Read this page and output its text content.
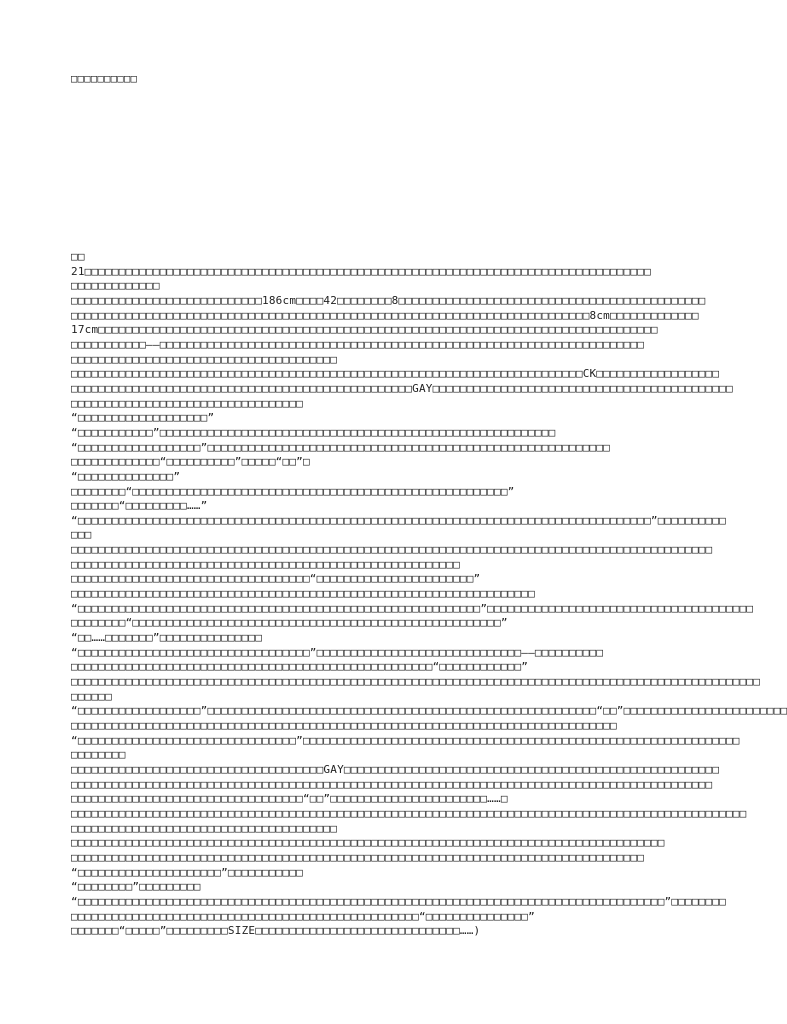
□□□□□□□□□□
□□
21□□□□□□□□□□□□□□□□□□□□□□□□□□□□□□□□□□□□□□□□□□□□□□□□□□□□□□□□□□□□□□□□□□□□□□□□□□□□□□□□□□□
□□□□□□□□□□□□□
□□□□□□□□□□□□□□□□□□□□□□□□□□□□186cm□□□□42□□□□□□□□8□□□□□□□□□□□□□□□□□□□□□□□□□□□□□□□□□□□□□□□□□□□□□
□□□□□□□□□□□□□□□□□□□□□□□□□□□□□□□□□□□□□□□□□□□□□□□□□□□□□□□□□□□□□□□□□□□□□□□□□□□□8cm□□□□□□□□□□□□□
17cm□□□□□□□□□□□□□□□□□□□□□□□□□□□□□□□□□□□□□□□□□□□□□□□□□□□□□□□□□□□□□□□□□□□□□□□□□□□□□□□□□□
□□□□□□□□□□□——□□□□□□□□□□□□□□□□□□□□□□□□□□□□□□□□□□□□□□□□□□□□□□□□□□□□□□□□□□□□□□□□□□□□□□□
□□□□□□□□□□□□□□□□□□□□□□□□□□□□□□□□□□□□□□□
□□□□□□□□□□□□□□□□□□□□□□□□□□□□□□□□□□□□□□□□□□□□□□□□□□□□□□□□□□□□□□□□□□□□□□□□□□□CK□□□□□□□□□□□□□□□□□□
□□□□□□□□□□□□□□□□□□□□□□□□□□□□□□□□□□□□□□□□□□□□□□□□□□GAY□□□□□□□□□□□□□□□□□□□□□□□□□□□□□□□□□□□□□□□□□□□□
□□□□□□□□□□□□□□□□□□□□□□□□□□□□□□□□□□
“□□□□□□□□□□□□□□□□□□□”
“□□□□□□□□□□□”□□□□□□□□□□□□□□□□□□□□□□□□□□□□□□□□□□□□□□□□□□□□□□□□□□□□□□□□□□
“□□□□□□□□□□□□□□□□□□”□□□□□□□□□□□□□□□□□□□□□□□□□□□□□□□□□□□□□□□□□□□□□□□□□□□□□□□□□□□
□□□□□□□□□□□□□“□□□□□□□□□□”□□□□□“□□”□
“□□□□□□□□□□□□□□”
□□□□□□□□“□□□□□□□□□□□□□□□□□□□□□□□□□□□□□□□□□□□□□□□□□□□□□□□□□□□□□□□”
□□□□□□□“□□□□□□□□□……”
“□□□□□□□□□□□□□□□□□□□□□□□□□□□□□□□□□□□□□□□□□□□□□□□□□□□□□□□□□□□□□□□□□□□□□□□□□□□□□□□□□□□□”□□□□□□□□□□
□□□
□□□□□□□□□□□□□□□□□□□□□□□□□□□□□□□□□□□□□□□□□□□□□□□□□□□□□□□□□□□□□□□□□□□□□□□□□□□□□□□□□□□□□□□□□□□□□□
□□□□□□□□□□□□□□□□□□□□□□□□□□□□□□□□□□□□□□□□□□□□□□□□□□□□□□□□□
□□□□□□□□□□□□□□□□□□□□□□□□□□□□□□□□□□□“□□□□□□□□□□□□□□□□□□□□□□□”
□□□□□□□□□□□□□□□□□□□□□□□□□□□□□□□□□□□□□□□□□□□□□□□□□□□□□□□□□□□□□□□□□□□□
“□□□□□□□□□□□□□□□□□□□□□□□□□□□□□□□□□□□□□□□□□□□□□□□□□□□□□□□□□□□”□□□□□□□□□□□□□□□□□□□□□□□□□□□□□□□□□□□□□□□
□□□□□□□□“□□□□□□□□□□□□□□□□□□□□□□□□□□□□□□□□□□□□□□□□□□□□□□□□□□□□□□”
“□□……□□□□□□□”□□□□□□□□□□□□□□□
“□□□□□□□□□□□□□□□□□□□□□□□□□□□□□□□□□□”□□□□□□□□□□□□□□□□□□□□□□□□□□□□□□——□□□□□□□□□□
□□□□□□□□□□□□□□□□□□□□□□□□□□□□□□□□□□□□□□□□□□□□□□□□□□□□□“□□□□□□□□□□□□”
□□□□□□□□□□□□□□□□□□□□□□□□□□□□□□□□□□□□□□□□□□□□□□□□□□□□□□□□□□□□□□□□□□□□□□□□□□□□□□□□□□□□□□□□□□□□□□□□□□□□□
□□□□□□
“□□□□□□□□□□□□□□□□□□”□□□□□□□□□□□□□□□□□□□□□□□□□□□□□□□□□□□□□□□□□□□□□□□□□□□□□□□□□“□□”□□□□□□□□□□□□□□□□□□□□□□□□
□□□□□□□□□□□□□□□□□□□□□□□□□□□□□□□□□□□□□□□□□□□□□□□□□□□□□□□□□□□□□□□□□□□□□□□□□□□□□□□□
“□□□□□□□□□□□□□□□□□□□□□□□□□□□□□□□□”□□□□□□□□□□□□□□□□□□□□□□□□□□□□□□□□□□□□□□□□□□□□□□□□□□□□□□□□□□□□□□□□
□□□□□□□□
□□□□□□□□□□□□□□□□□□□□□□□□□□□□□□□□□□□□□GAY□□□□□□□□□□□□□□□□□□□□□□□□□□□□□□□□□□□□□□□□□□□□□□□□□□□□□□□
□□□□□□□□□□□□□□□□□□□□□□□□□□□□□□□□□□□□□□□□□□□□□□□□□□□□□□□□□□□□□□□□□□□□□□□□□□□□□□□□□□□□□□□□□□□□□□
□□□□□□□□□□□□□□□□□□□□□□□□□□□□□□□□□□“□□”□□□□□□□□□□□□□□□□□□□□□□□……□
□□□□□□□□□□□□□□□□□□□□□□□□□□□□□□□□□□□□□□□□□□□□□□□□□□□□□□□□□□□□□□□□□□□□□□□□□□□□□□□□□□□□□□□□□□□□□□□□□□□
□□□□□□□□□□□□□□□□□□□□□□□□□□□□□□□□□□□□□□□
□□□□□□□□□□□□□□□□□□□□□□□□□□□□□□□□□□□□□□□□□□□□□□□□□□□□□□□□□□□□□□□□□□□□□□□□□□□□□□□□□□□□□□□
□□□□□□□□□□□□□□□□□□□□□□□□□□□□□□□□□□□□□□□□□□□□□□□□□□□□□□□□□□□□□□□□□□□□□□□□□□□□□□□□□□□□
“□□□□□□□□□□□□□□□□□□□□□”□□□□□□□□□□□
“□□□□□□□□”□□□□□□□□□
“□□□□□□□□□□□□□□□□□□□□□□□□□□□□□□□□□□□□□□□□□□□□□□□□□□□□□□□□□□□□□□□□□□□□□□□□□□□□□□□□□□□□□□”□□□□□□□□
□□□□□□□□□□□□□□□□□□□□□□□□□□□□□□□□□□□□□□□□□□□□□□□□□□□“□□□□□□□□□□□□□□□”
□□□□□□□“□□□□□”□□□□□□□□□SIZE□□□□□□□□□□□□□□□□□□□□□□□□□□□□□□……)
